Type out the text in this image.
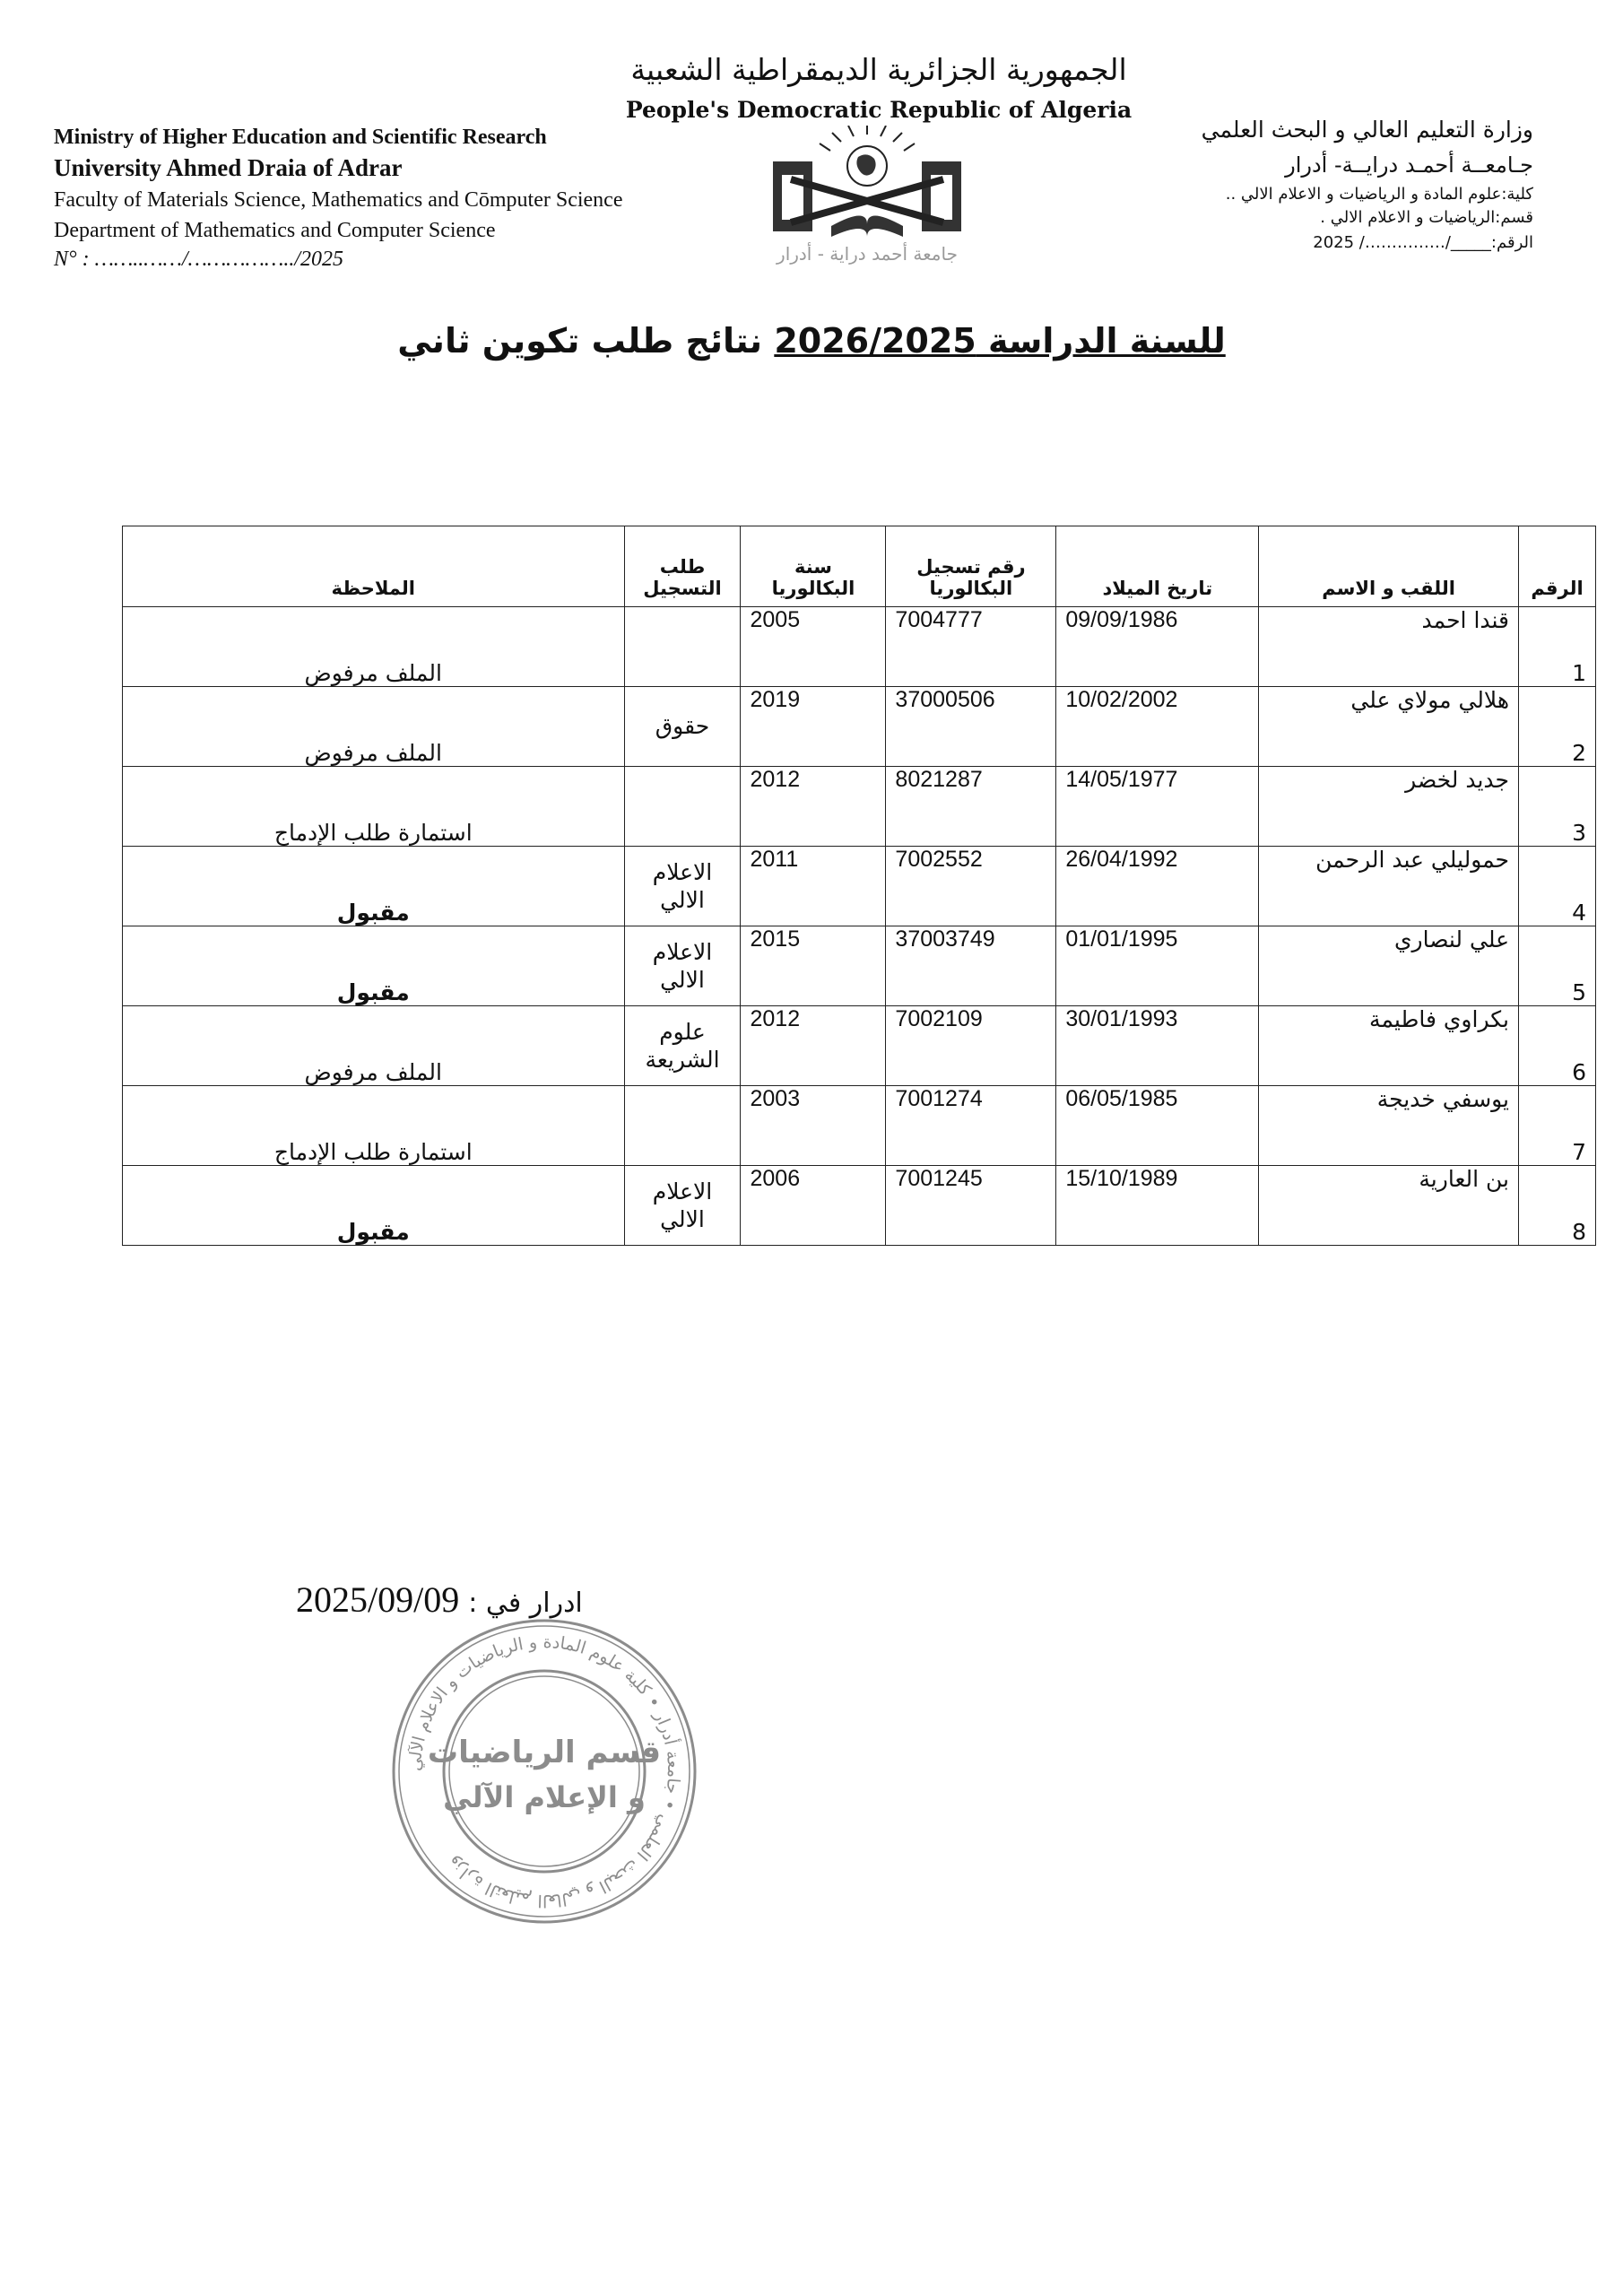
الجمهورية الجزائرية الديمقراطية الشعبية
People's Democratic Republic of Algeria
Ministry of Higher Education and Scientific Research
University Ahmed Draia of Adrar
Faculty of Materials Science, Mathematics and Cōmputer Science
Department of Mathematics and Computer Science
N° : ……..……/……………../2025
وزارة التعليم العالي و البحث العلمي
جـامعــة أحمـد درايــة- أدرار
كلية:علوم المادة و الرياضيات و الاعلام الالي ..
قسم:الرياضيات و الاعلام الالي .
الرقم:_____/……………/ 2025
جامعة أحمد دراية - أدرار
للسنة الدراسة 2026/2025 نتائج طلب تكوين ثاني
الرقم	اللقب و الاسم	تاريخ الميلاد	رقم تسجيل البكالوريا	سنة البكالوريا	طلب التسجيل	الملاحظة
1	قندا احمد	09/09/1986	7004777	2005		الملف مرفوض
2	هلالي مولاي علي	10/02/2002	37000506	2019	حقوق	الملف مرفوض
3	جديد لخضر	14/05/1977	8021287	2012		استمارة طلب الإدماج
4	حموليلي عبد الرحمن	26/04/1992	7002552	2011	الاعلام الالي	مقبول
5	علي لنصاري	01/01/1995	37003749	2015	الاعلام الالي	مقبول
6	بكراوي فاطيمة	30/01/1993	7002109	2012	علوم الشريعة	الملف مرفوض
7	يوسفي خديجة	06/05/1985	7001274	2003		استمارة طلب الإدماج
8	بن العارية	15/10/1989	7001245	2006	الاعلام الالي	مقبول
2025/09/09 ادرار في :
وزارة التعليم العالي و البحث العلمي • جامعة أدرار • كلية علوم المادة و الرياضيات و الاعلام الآلي
قسم الرياضيات
و الإعلام الآلي
